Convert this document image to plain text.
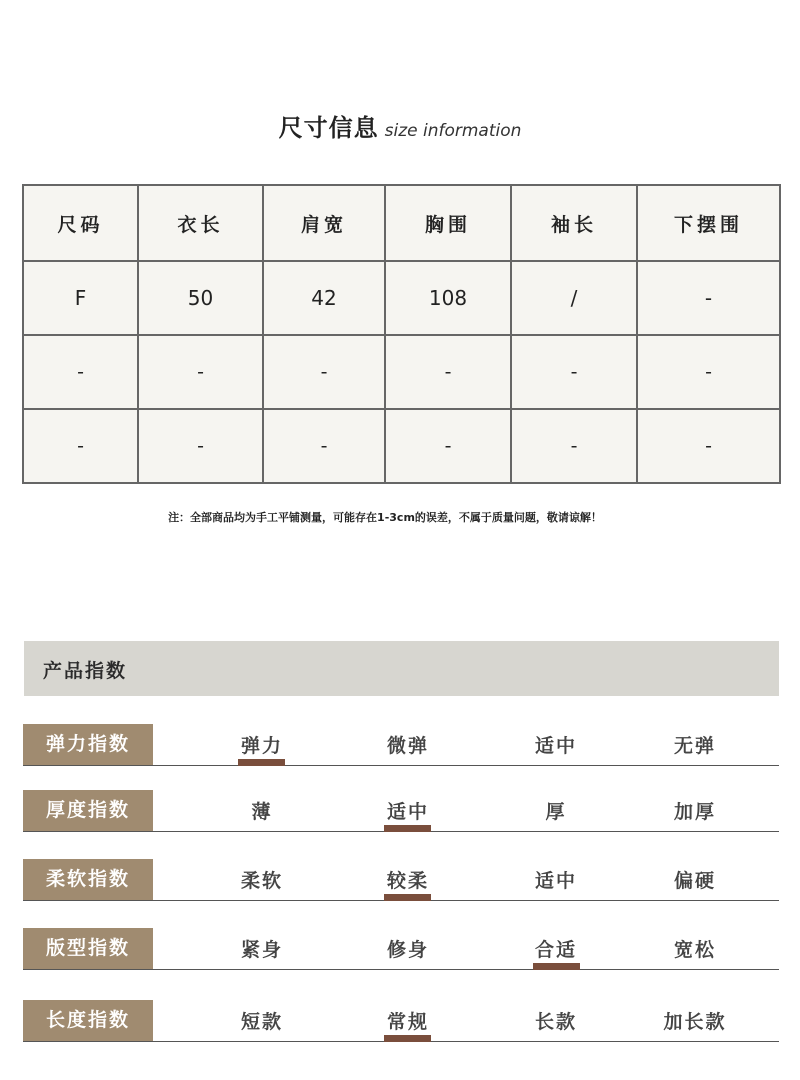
尺寸信息 size information
尺码	衣长	肩宽	胸围	袖长	下摆围
F	50	42	108	/	-
-	-	-	-	-	-
-	-	-	-	-	-
注：全部商品均为手工平铺测量，可能存在1-3cm的误差，不属于质量问题，敬请谅解！
产品指数
弹力指数	弹力	微弹	适中	无弹
厚度指数	薄	适中	厚	加厚
柔软指数	柔软	较柔	适中	偏硬
版型指数	紧身	修身	合适	宽松
长度指数	短款	常规	长款	加长款
